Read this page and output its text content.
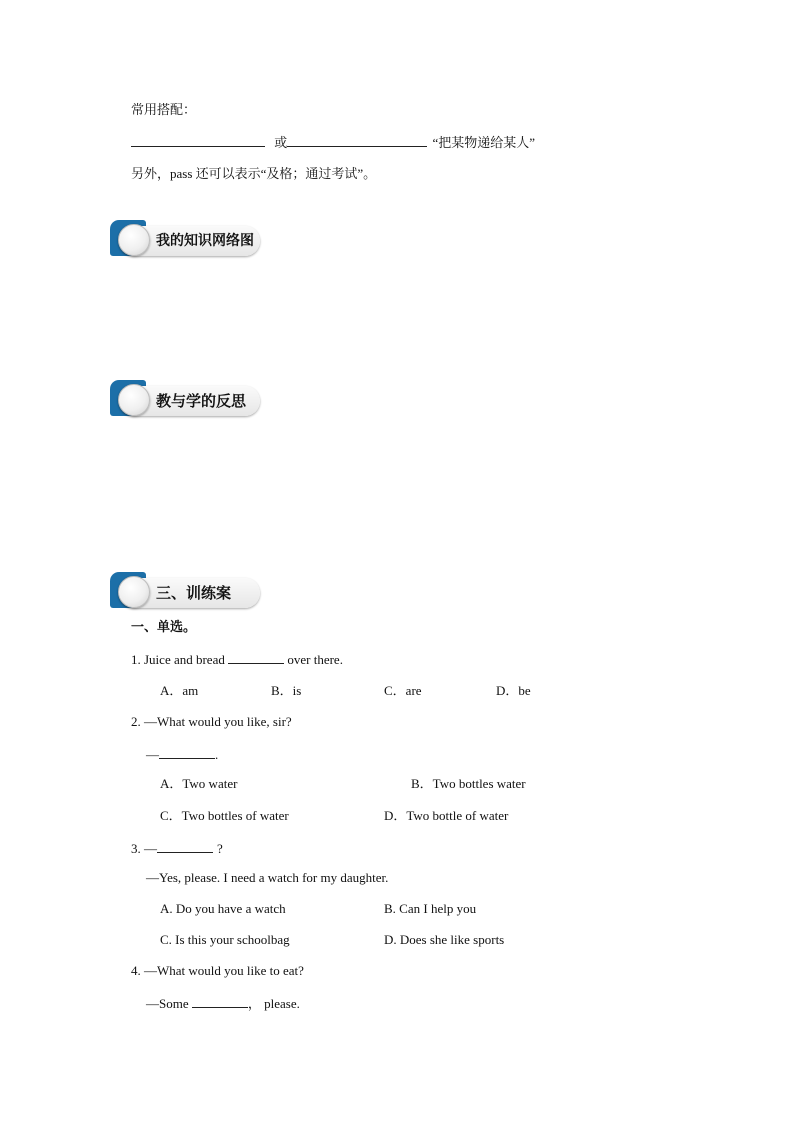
常用搭配：
或	“把某物递给某人”
另外，pass 还可以表示“及格；通过考试”。
我的知识网络图
教与学的反思
三、训练案
一、单选。
1. Juice and bread	over there.
A．am	B．is	C．are	D．be
2. —What would you like, sir?
—	.
A．Two water	B．Two bottles water
C．Two bottles of water	D．Two bottle of water
3. —	?
—Yes, please. I need a watch for my daughter.
A. Do you have a watch	B. Can I help you
C. Is this your schoolbag	D. Does she like sports
4. —What would you like to eat?
—Some	， please.
